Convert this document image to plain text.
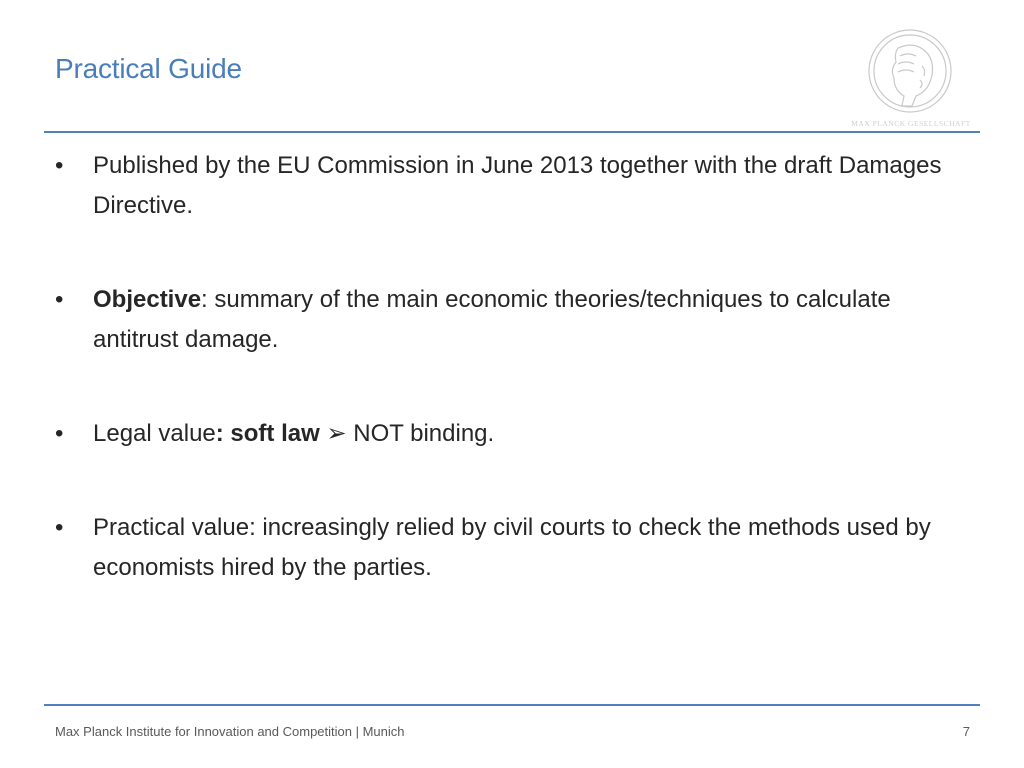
Practical Guide
MAX PLANCK GESELLSCHAFT
• Published by the EU Commission in June 2013 together with the draft Damages Directive.
• Objective: summary of the main economic theories/techniques to calculate antitrust damage.
• Legal value: soft law ➢ NOT binding.
• Practical value: increasingly relied by civil courts to check the methods used by economists hired by the parties.
Max Planck Institute for Innovation and Competition | Munich	7
